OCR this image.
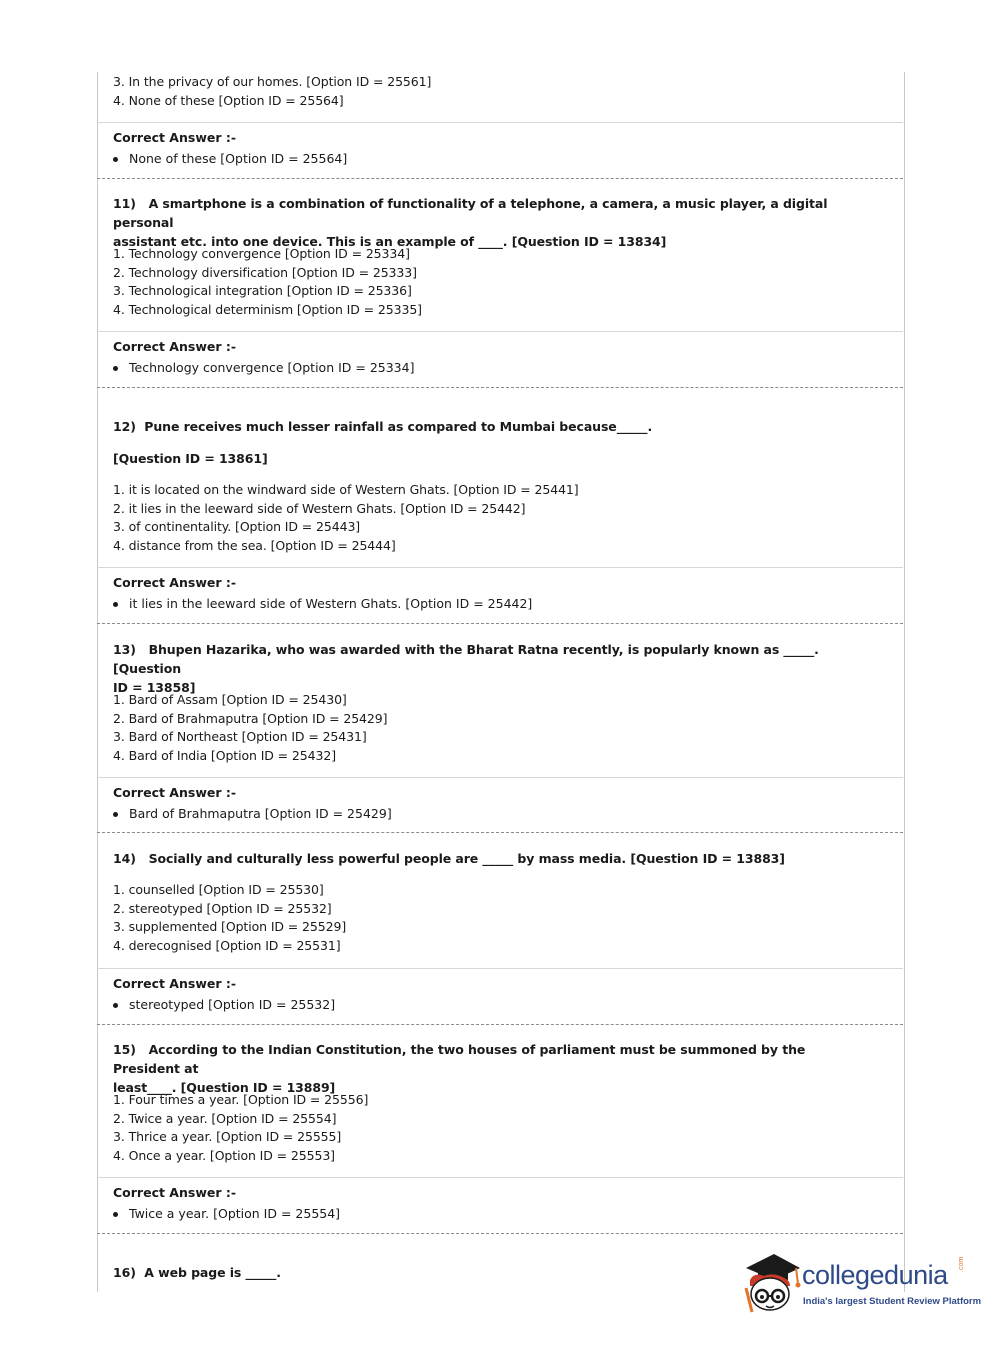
3. In the privacy of our homes. [Option ID = 25561]
4. None of these [Option ID = 25564]
Correct Answer :-
None of these [Option ID = 25564]
11)   A smartphone is a combination of functionality of a telephone, a camera, a music player, a digital personal
assistant etc. into one device. This is an example of ____. [Question ID = 13834]
1. Technology convergence [Option ID = 25334]
2. Technology diversification [Option ID = 25333]
3. Technological integration [Option ID = 25336]
4. Technological determinism [Option ID = 25335]
Correct Answer :-
Technology convergence [Option ID = 25334]
12)  Pune receives much lesser rainfall as compared to Mumbai because_____.
[Question ID = 13861]
1. it is located on the windward side of Western Ghats. [Option ID = 25441]
2. it lies in the leeward side of Western Ghats. [Option ID = 25442]
3. of continentality. [Option ID = 25443]
4. distance from the sea. [Option ID = 25444]
Correct Answer :-
it lies in the leeward side of Western Ghats. [Option ID = 25442]
13)   Bhupen Hazarika, who was awarded with the Bharat Ratna recently, is popularly known as _____. [Question
ID = 13858]
1. Bard of Assam [Option ID = 25430]
2. Bard of Brahmaputra [Option ID = 25429]
3. Bard of Northeast [Option ID = 25431]
4. Bard of India [Option ID = 25432]
Correct Answer :-
Bard of Brahmaputra [Option ID = 25429]
14)   Socially and culturally less powerful people are _____ by mass media. [Question ID = 13883]
1. counselled [Option ID = 25530]
2. stereotyped [Option ID = 25532]
3. supplemented [Option ID = 25529]
4. derecognised [Option ID = 25531]
Correct Answer :-
stereotyped [Option ID = 25532]
15)   According to the Indian Constitution, the two houses of parliament must be summoned by the President at
least____. [Question ID = 13889]
1. Four times a year. [Option ID = 25556]
2. Twice a year. [Option ID = 25554]
3. Thrice a year. [Option ID = 25555]
4. Once a year. [Option ID = 25553]
Correct Answer :-
Twice a year. [Option ID = 25554]
16)  A web page is _____.	collegedunia .com
India's largest Student Review Platform
